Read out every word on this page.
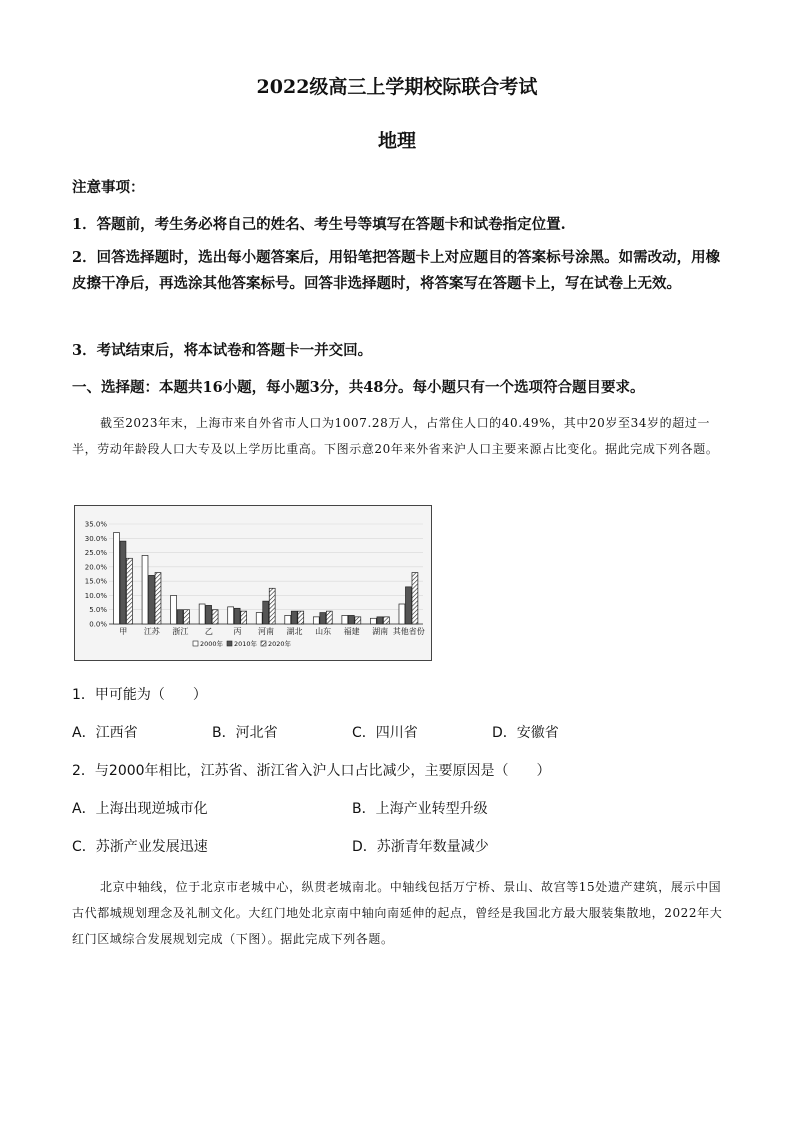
2022级高三上学期校际联合考试
地理
注意事项：
1．答题前，考生务必将自己的姓名、考生号等填写在答题卡和试卷指定位置.
2．回答选择题时，选出每小题答案后，用铅笔把答题卡上对应题目的答案标号涂黑。如需改动，用橡皮擦干净后，再选涂其他答案标号。回答非选择题时，将答案写在答题卡上，写在试卷上无效。
3．考试结束后，将本试卷和答题卡一并交回。
一、选择题：本题共16小题，每小题3分，共48分。每小题只有一个选项符合题目要求。
截至2023年末，上海市来自外省市人口为1007.28万人，占常住人口的40.49%，其中20岁至34岁的超过一半，劳动年龄段人口大专及以上学历比重高。下图示意20年来外省来沪人口主要来源占比变化。据此完成下列各题。
35.0%
30.0%
25.0%
20.0%
15.0%
10.0%
5.0%
0.0%
甲 江苏 浙江 乙	丙 河南 湖北 山东 福建 湖南 其他省份
2000年 2010年 2020年
1．甲可能为（　　）
A．江西省	B．河北省	C．四川省	D．安徽省
2．与2000年相比，江苏省、浙江省入沪人口占比减少，主要原因是（　　）
A．上海出现逆城市化	B．上海产业转型升级
C．苏浙产业发展迅速	D．苏浙青年数量减少
北京中轴线，位于北京市老城中心，纵贯老城南北。中轴线包括万宁桥、景山、故宫等15处遗产建筑，展示中国古代都城规划理念及礼制文化。大红门地处北京南中轴向南延伸的起点，曾经是我国北方最大服装集散地，2022年大红门区域综合发展规划完成（下图）。据此完成下列各题。
